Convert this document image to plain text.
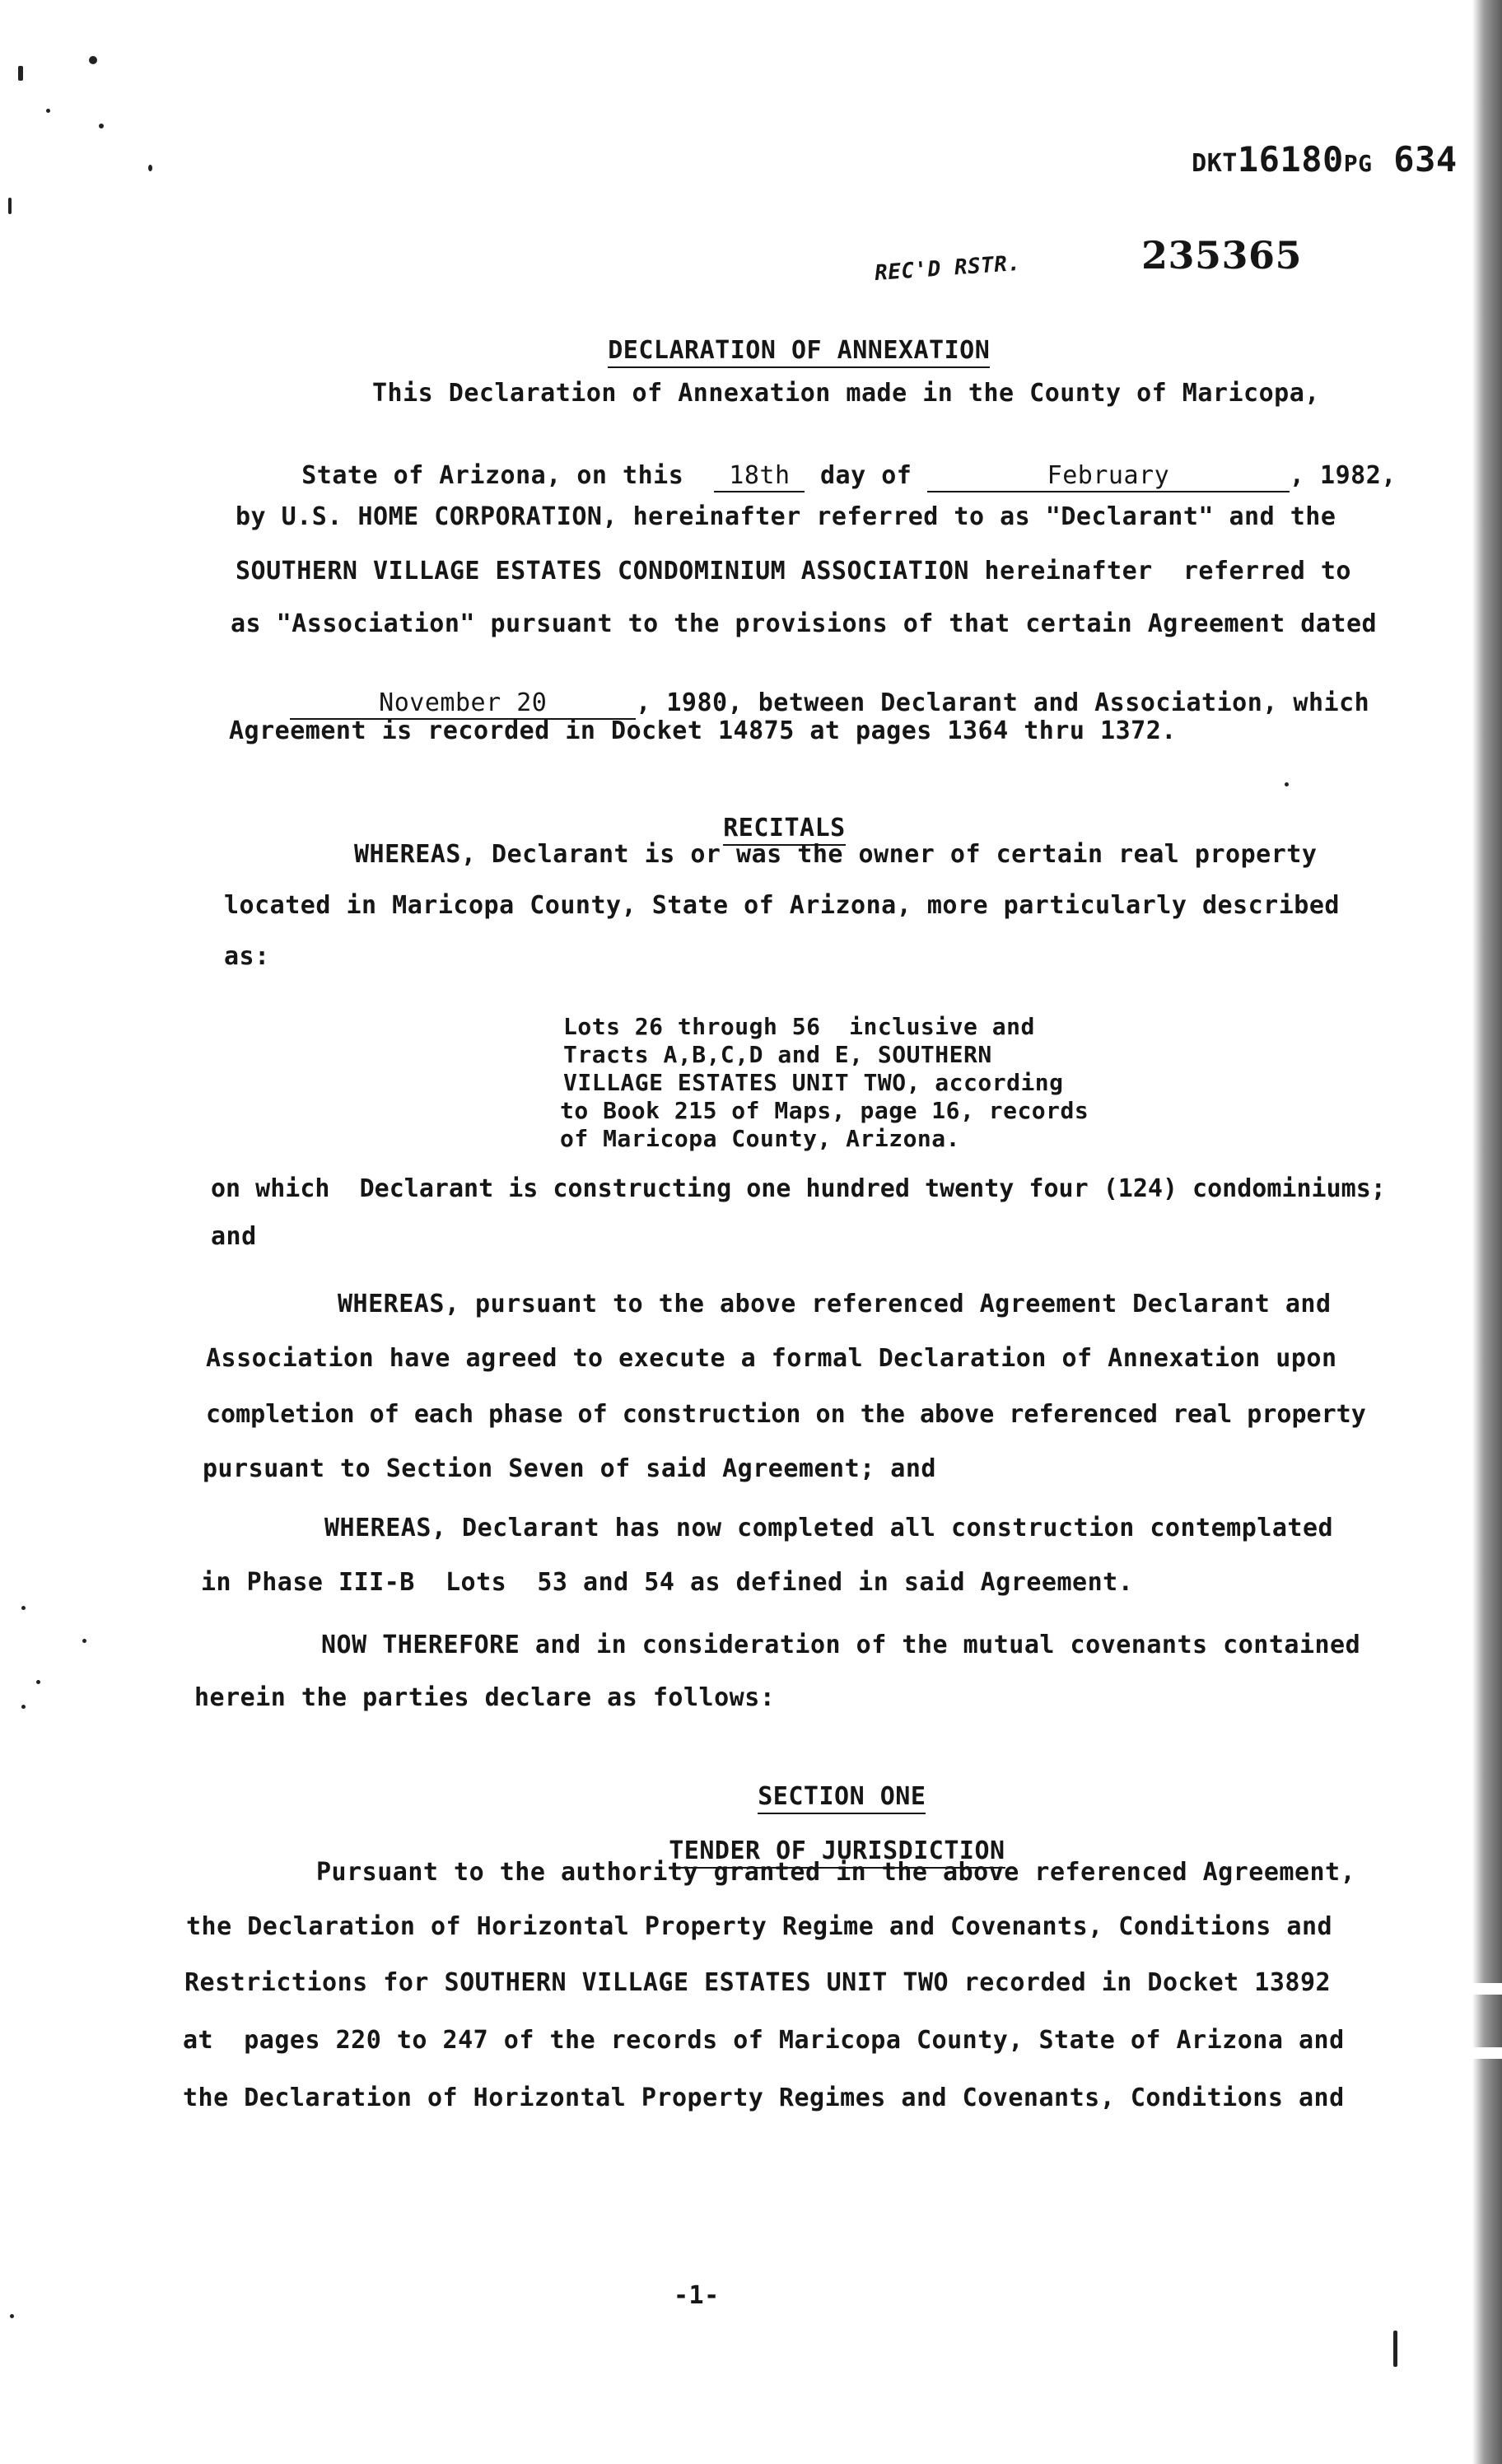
DKT16180PG 634

REC'D RSTR.	235365

DECLARATION OF ANNEXATION

This Declaration of Annexation made in the County of Maricopa,

State of Arizona, on this 18th day of	February	, 1982,

by U.S. HOME CORPORATION, hereinafter referred to as "Declarant" and the
SOUTHERN VILLAGE ESTATES CONDOMINIUM ASSOCIATION hereinafter  referred to
as "Association" pursuant to the provisions of that certain Agreement dated

November 20	, 1980, between Declarant and Association, which

Agreement is recorded in Docket 14875 at pages 1364 thru 1372.

RECITALS

WHEREAS, Declarant is or was the owner of certain real property
located in Maricopa County, State of Arizona, more particularly described
as:
Lots 26 through 56  inclusive and
Tracts A,B,C,D and E, SOUTHERN
VILLAGE ESTATES UNIT TWO, according
to Book 215 of Maps, page 16, records
of Maricopa County, Arizona.
on which  Declarant is constructing one hundred twenty four (124) condominiums;
and
WHEREAS, pursuant to the above referenced Agreement Declarant and
Association have agreed to execute a formal Declaration of Annexation upon
completion of each phase of construction on the above referenced real property
pursuant to Section Seven of said Agreement; and
WHEREAS, Declarant has now completed all construction contemplated
in Phase III-B  Lots  53 and 54 as defined in said Agreement.
NOW THEREFORE and in consideration of the mutual covenants contained
herein the parties declare as follows:

SECTION ONE

TENDER OF JURISDICTION

Pursuant to the authority granted in the above referenced Agreement,
the Declaration of Horizontal Property Regime and Covenants, Conditions and
Restrictions for SOUTHERN VILLAGE ESTATES UNIT TWO recorded in Docket 13892
at  pages 220 to 247 of the records of Maricopa County, State of Arizona and
the Declaration of Horizontal Property Regimes and Covenants, Conditions and
-1-
